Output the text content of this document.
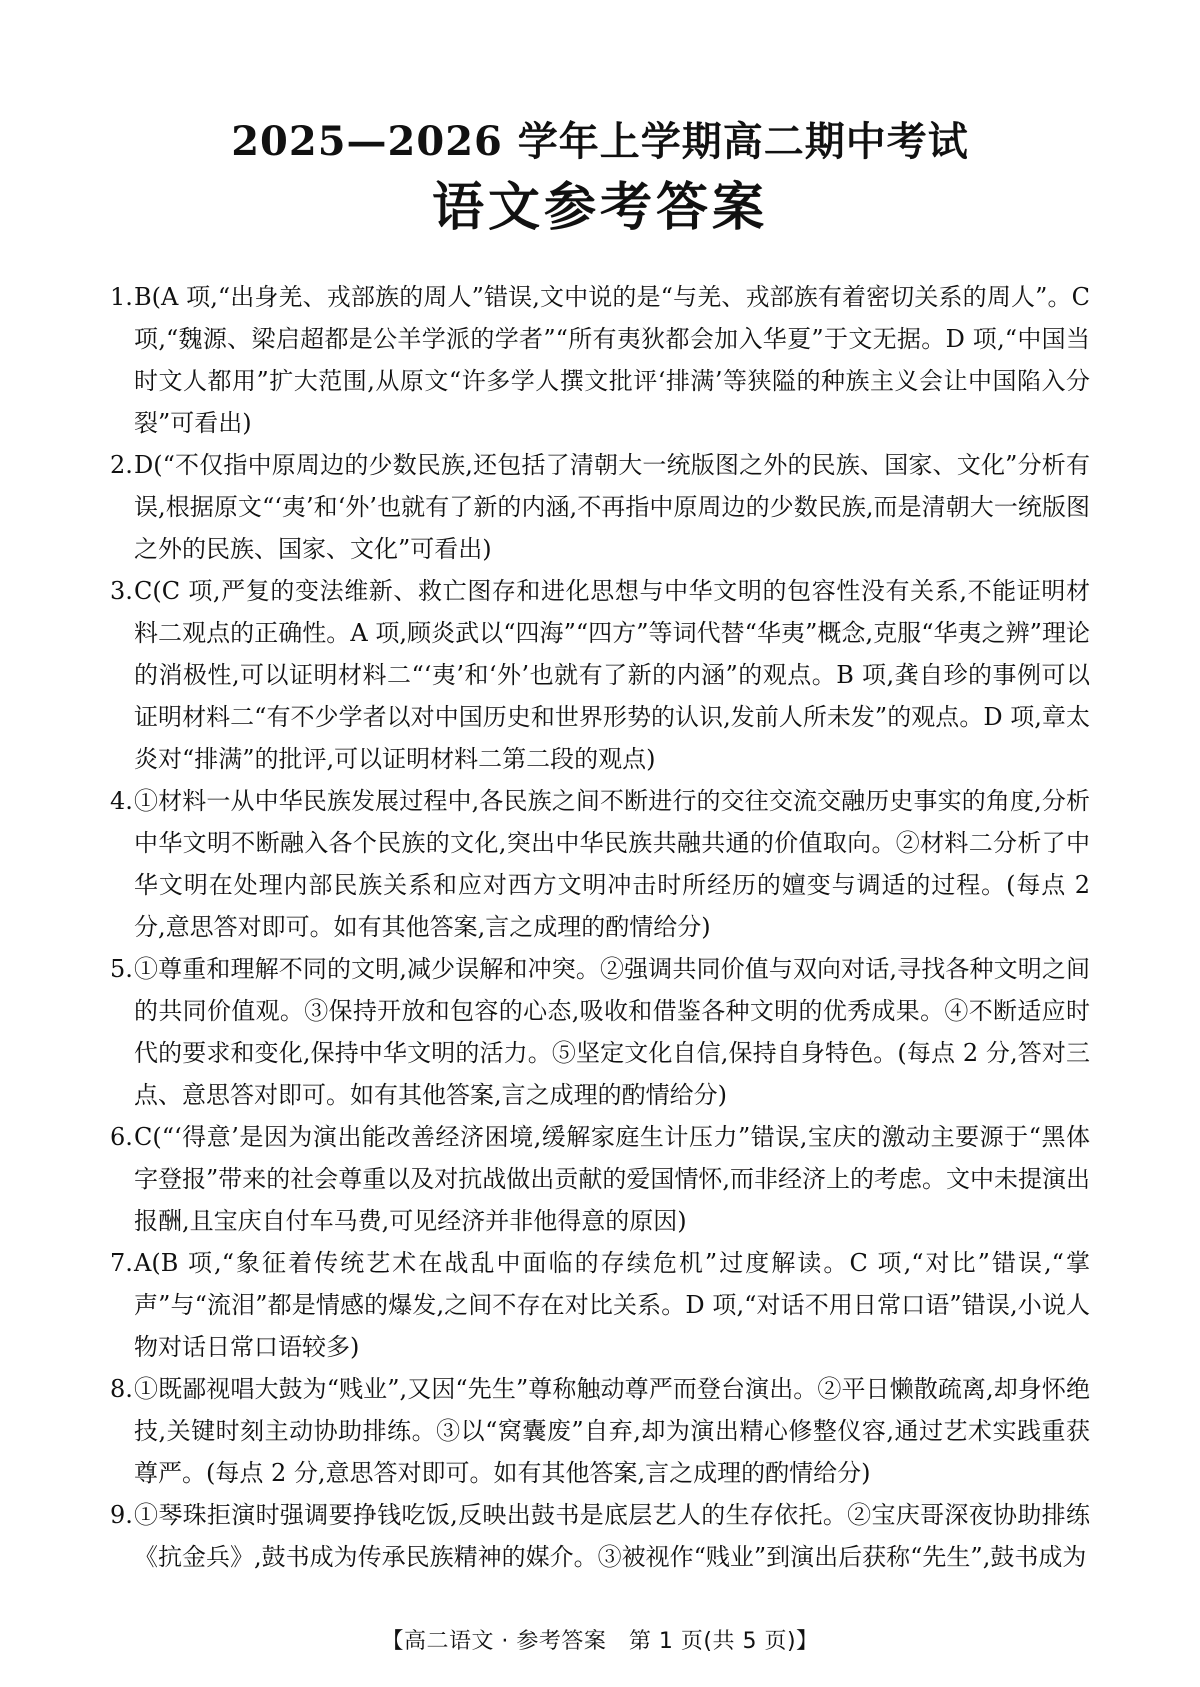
2025—2026 学年上学期高二期中考试
语文参考答案
1. B(A 项,“出身羌、戎部族的周人”错误,文中说的是“与羌、戎部族有着密切关系的周人”。C 项,“魏源、梁启超都是公羊学派的学者”“所有夷狄都会加入华夏”于文无据。D 项,“中国当时文人都用”扩大范围,从原文“许多学人撰文批评‘排满’等狭隘的种族主义会让中国陷入分裂”可看出)
2. D(“不仅指中原周边的少数民族,还包括了清朝大一统版图之外的民族、国家、文化”分析有误,根据原文“‘夷’和‘外’也就有了新的内涵,不再指中原周边的少数民族,而是清朝大一统版图之外的民族、国家、文化”可看出)
3. C(C 项,严复的变法维新、救亡图存和进化思想与中华文明的包容性没有关系,不能证明材料二观点的正确性。A 项,顾炎武以“四海”“四方”等词代替“华夷”概念,克服“华夷之辨”理论的消极性,可以证明材料二“‘夷’和‘外’也就有了新的内涵”的观点。B 项,龚自珍的事例可以证明材料二“有不少学者以对中国历史和世界形势的认识,发前人所未发”的观点。D 项,章太炎对“排满”的批评,可以证明材料二第二段的观点)
4. ①材料一从中华民族发展过程中,各民族之间不断进行的交往交流交融历史事实的角度,分析中华文明不断融入各个民族的文化,突出中华民族共融共通的价值取向。②材料二分析了中华文明在处理内部民族关系和应对西方文明冲击时所经历的嬗变与调适的过程。(每点 2 分,意思答对即可。如有其他答案,言之成理的酌情给分)
5. ①尊重和理解不同的文明,减少误解和冲突。②强调共同价值与双向对话,寻找各种文明之间的共同价值观。③保持开放和包容的心态,吸收和借鉴各种文明的优秀成果。④不断适应时代的要求和变化,保持中华文明的活力。⑤坚定文化自信,保持自身特色。(每点 2 分,答对三点、意思答对即可。如有其他答案,言之成理的酌情给分)
6. C(“‘得意’是因为演出能改善经济困境,缓解家庭生计压力”错误,宝庆的激动主要源于“黑体字登报”带来的社会尊重以及对抗战做出贡献的爱国情怀,而非经济上的考虑。文中未提演出报酬,且宝庆自付车马费,可见经济并非他得意的原因)
7. A(B 项,“象征着传统艺术在战乱中面临的存续危机”过度解读。C 项,“对比”错误,“掌声”与“流泪”都是情感的爆发,之间不存在对比关系。D 项,“对话不用日常口语”错误,小说人物对话日常口语较多)
8. ①既鄙视唱大鼓为“贱业”,又因“先生”尊称触动尊严而登台演出。②平日懒散疏离,却身怀绝技,关键时刻主动协助排练。③以“窝囊废”自弃,却为演出精心修整仪容,通过艺术实践重获尊严。(每点 2 分,意思答对即可。如有其他答案,言之成理的酌情给分)
9. ①琴珠拒演时强调要挣钱吃饭,反映出鼓书是底层艺人的生存依托。②宝庆哥深夜协助排练《抗金兵》,鼓书成为传承民族精神的媒介。③被视作“贱业”到演出后获称“先生”,鼓书成为
【高二语文 · 参考答案　第 1 页(共 5 页)】
